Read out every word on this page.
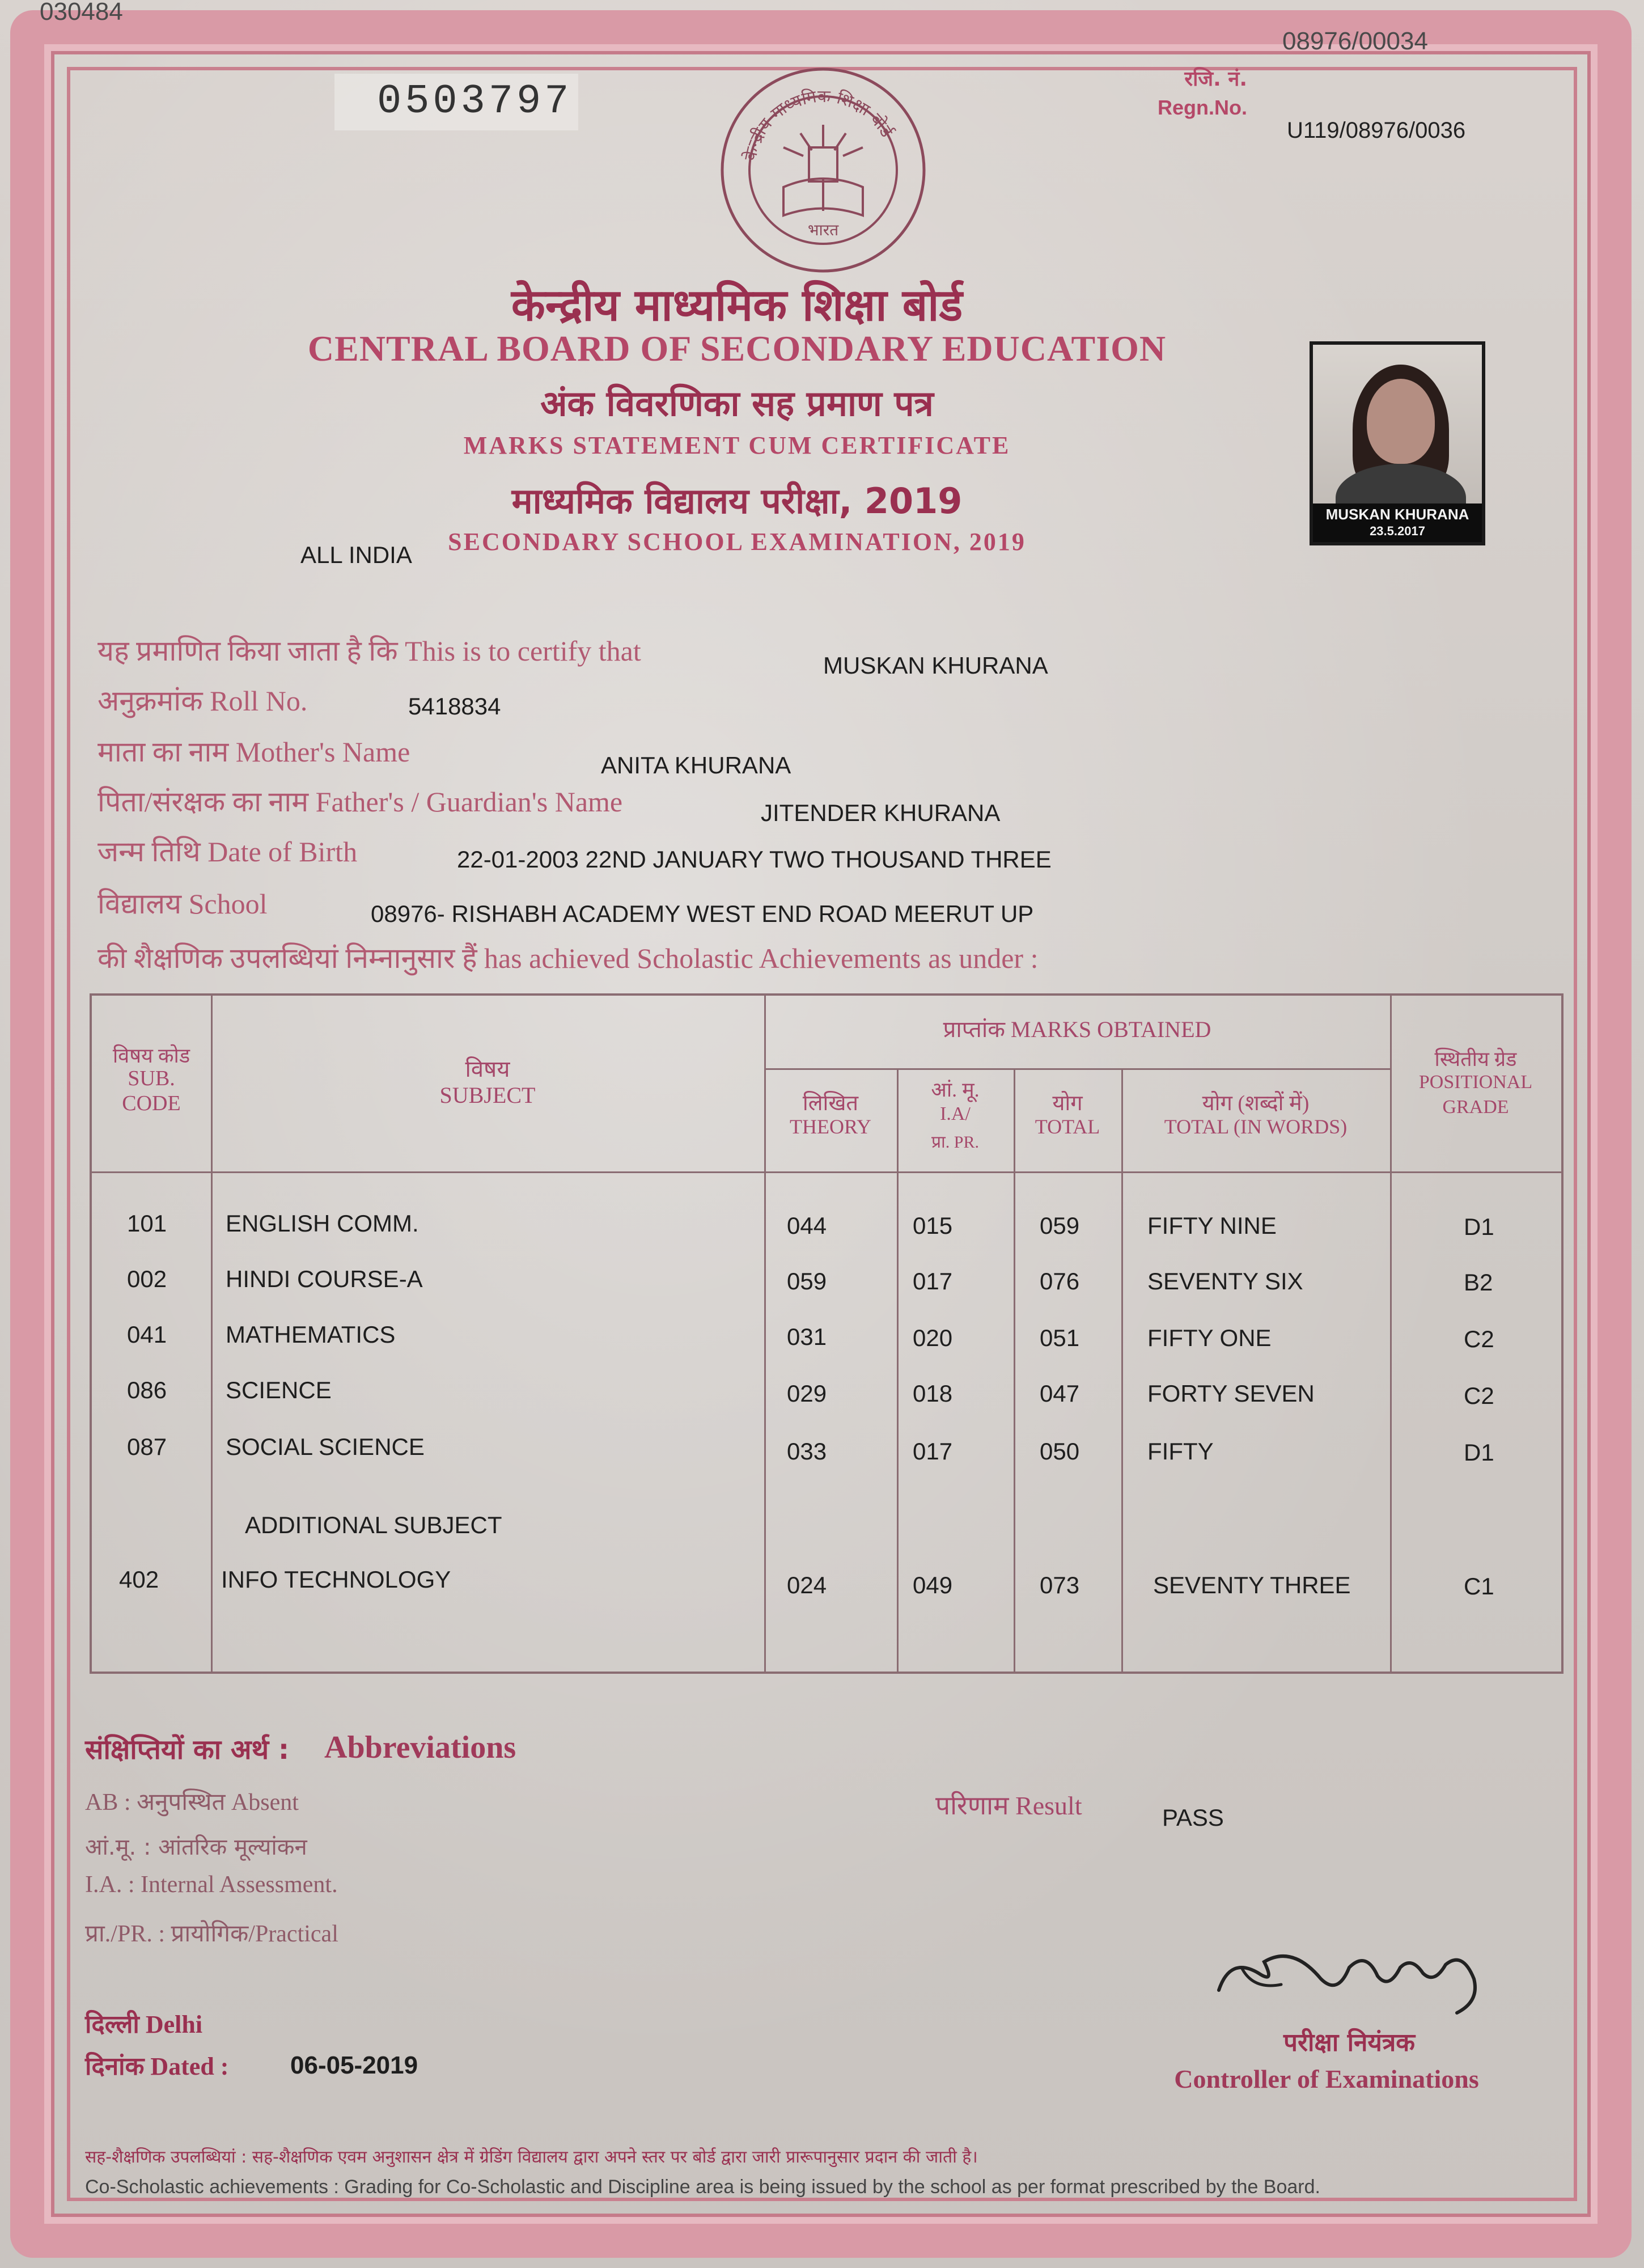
030484
08976/00034
0503797
केन्द्रीय माध्यमिक शिक्षा बोर्ड
भारत
रजि. नं.
Regn.No.
U119/08976/0036
केन्द्रीय माध्यमिक शिक्षा बोर्ड
CENTRAL BOARD OF SECONDARY EDUCATION
अंक विवरणिका सह प्रमाण पत्र
MARKS STATEMENT CUM CERTIFICATE
माध्यमिक विद्यालय परीक्षा, 2019
SECONDARY SCHOOL EXAMINATION, 2019
ALL INDIA
MUSKAN KHURANA
23.5.2017
यह प्रमाणित किया जाता है कि This is to certify that	MUSKAN KHURANA
अनुक्रमांक Roll No.	5418834
माता का नाम Mother's Name	ANITA KHURANA
पिता/संरक्षक का नाम Father's / Guardian's Name	JITENDER KHURANA
जन्म तिथि Date of Birth	22-01-2003 22ND JANUARY TWO THOUSAND THREE
विद्यालय School	08976- RISHABH ACADEMY WEST END ROAD MEERUT UP
की शैक्षणिक उपलब्धियां निम्नानुसार हैं has achieved Scholastic Achievements as under :
विषय कोड
SUB.
CODE
विषय
SUBJECT
प्राप्तांक MARKS OBTAINED
लिखित
THEORY
आं. मू.
I.A/
प्रा. PR.
योग
TOTAL
योग (शब्दों में)
TOTAL (IN WORDS)
स्थितीय ग्रेड
POSITIONAL
GRADE
101 ENGLISH COMM.	044	015	059	FIFTY NINE	D1
002 HINDI COURSE-A	059	017	076	SEVENTY SIX	B2
041 MATHEMATICS	031	020	051	FIFTY ONE	C2
086 SCIENCE	029	018	047	FORTY SEVEN	C2
087 SOCIAL SCIENCE	033	017	050	FIFTY	D1
ADDITIONAL SUBJECT
402	INFO TECHNOLOGY	024	049	073	SEVENTY THREE	C1
संक्षिप्तियों का अर्थ : Abbreviations
AB : अनुपस्थित Absent
आं.मू. : आंतरिक मूल्यांकन
I.A. : Internal Assessment.
प्रा./PR. : प्रायोगिक/Practical
परिणाम Result	PASS
दिल्ली Delhi
दिनांक Dated : 06-05-2019
परीक्षा नियंत्रक
Controller of Examinations
सह-शैक्षणिक उपलब्धियां : सह-शैक्षणिक एवम अनुशासन क्षेत्र में ग्रेडिंग विद्यालय द्वारा अपने स्तर पर बोर्ड द्वारा जारी प्रारूपानुसार प्रदान की जाती है।
Co-Scholastic achievements : Grading for Co-Scholastic and Discipline area is being issued by the school as per format prescribed by the Board.
